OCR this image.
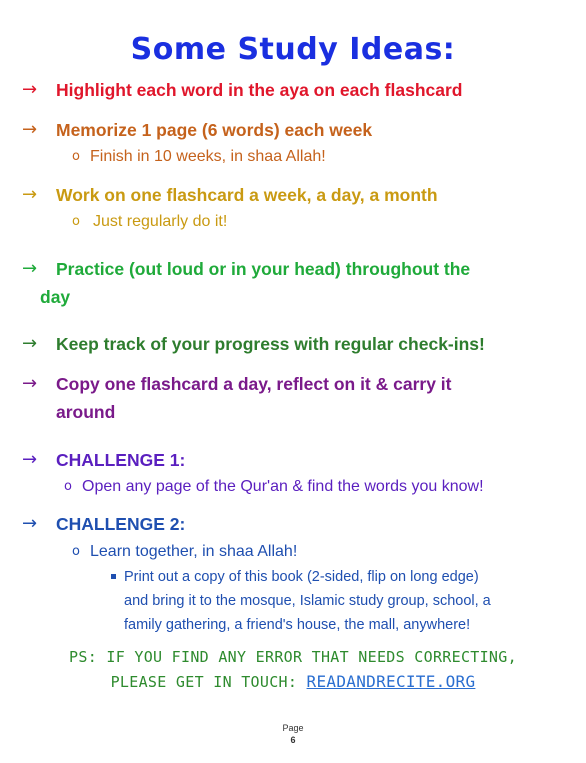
Some Study Ideas:
→ Highlight each word in the aya on each flashcard
→ Memorize 1 page (6 words) each week
o Finish in 10 weeks, in shaa Allah!
→ Work on one flashcard a week, a day, a month
o Just regularly do it!
→ Practice (out loud or in your head) throughout the
day
→ Keep track of your progress with regular check-ins!
→ Copy one flashcard a day, reflect on it & carry it
around
→ CHALLENGE 1:
o Open any page of the Qur'an & find the words you know!
→ CHALLENGE 2:
o Learn together, in shaa Allah!
Print out a copy of this book (2-sided, flip on long edge)
and bring it to the mosque, Islamic study group, school, a
family gathering, a friend's house, the mall, anywhere!
PS: IF YOU FIND ANY ERROR THAT NEEDS CORRECTING,
PLEASE GET IN TOUCH: READANDRECITE.ORG
Page
6
